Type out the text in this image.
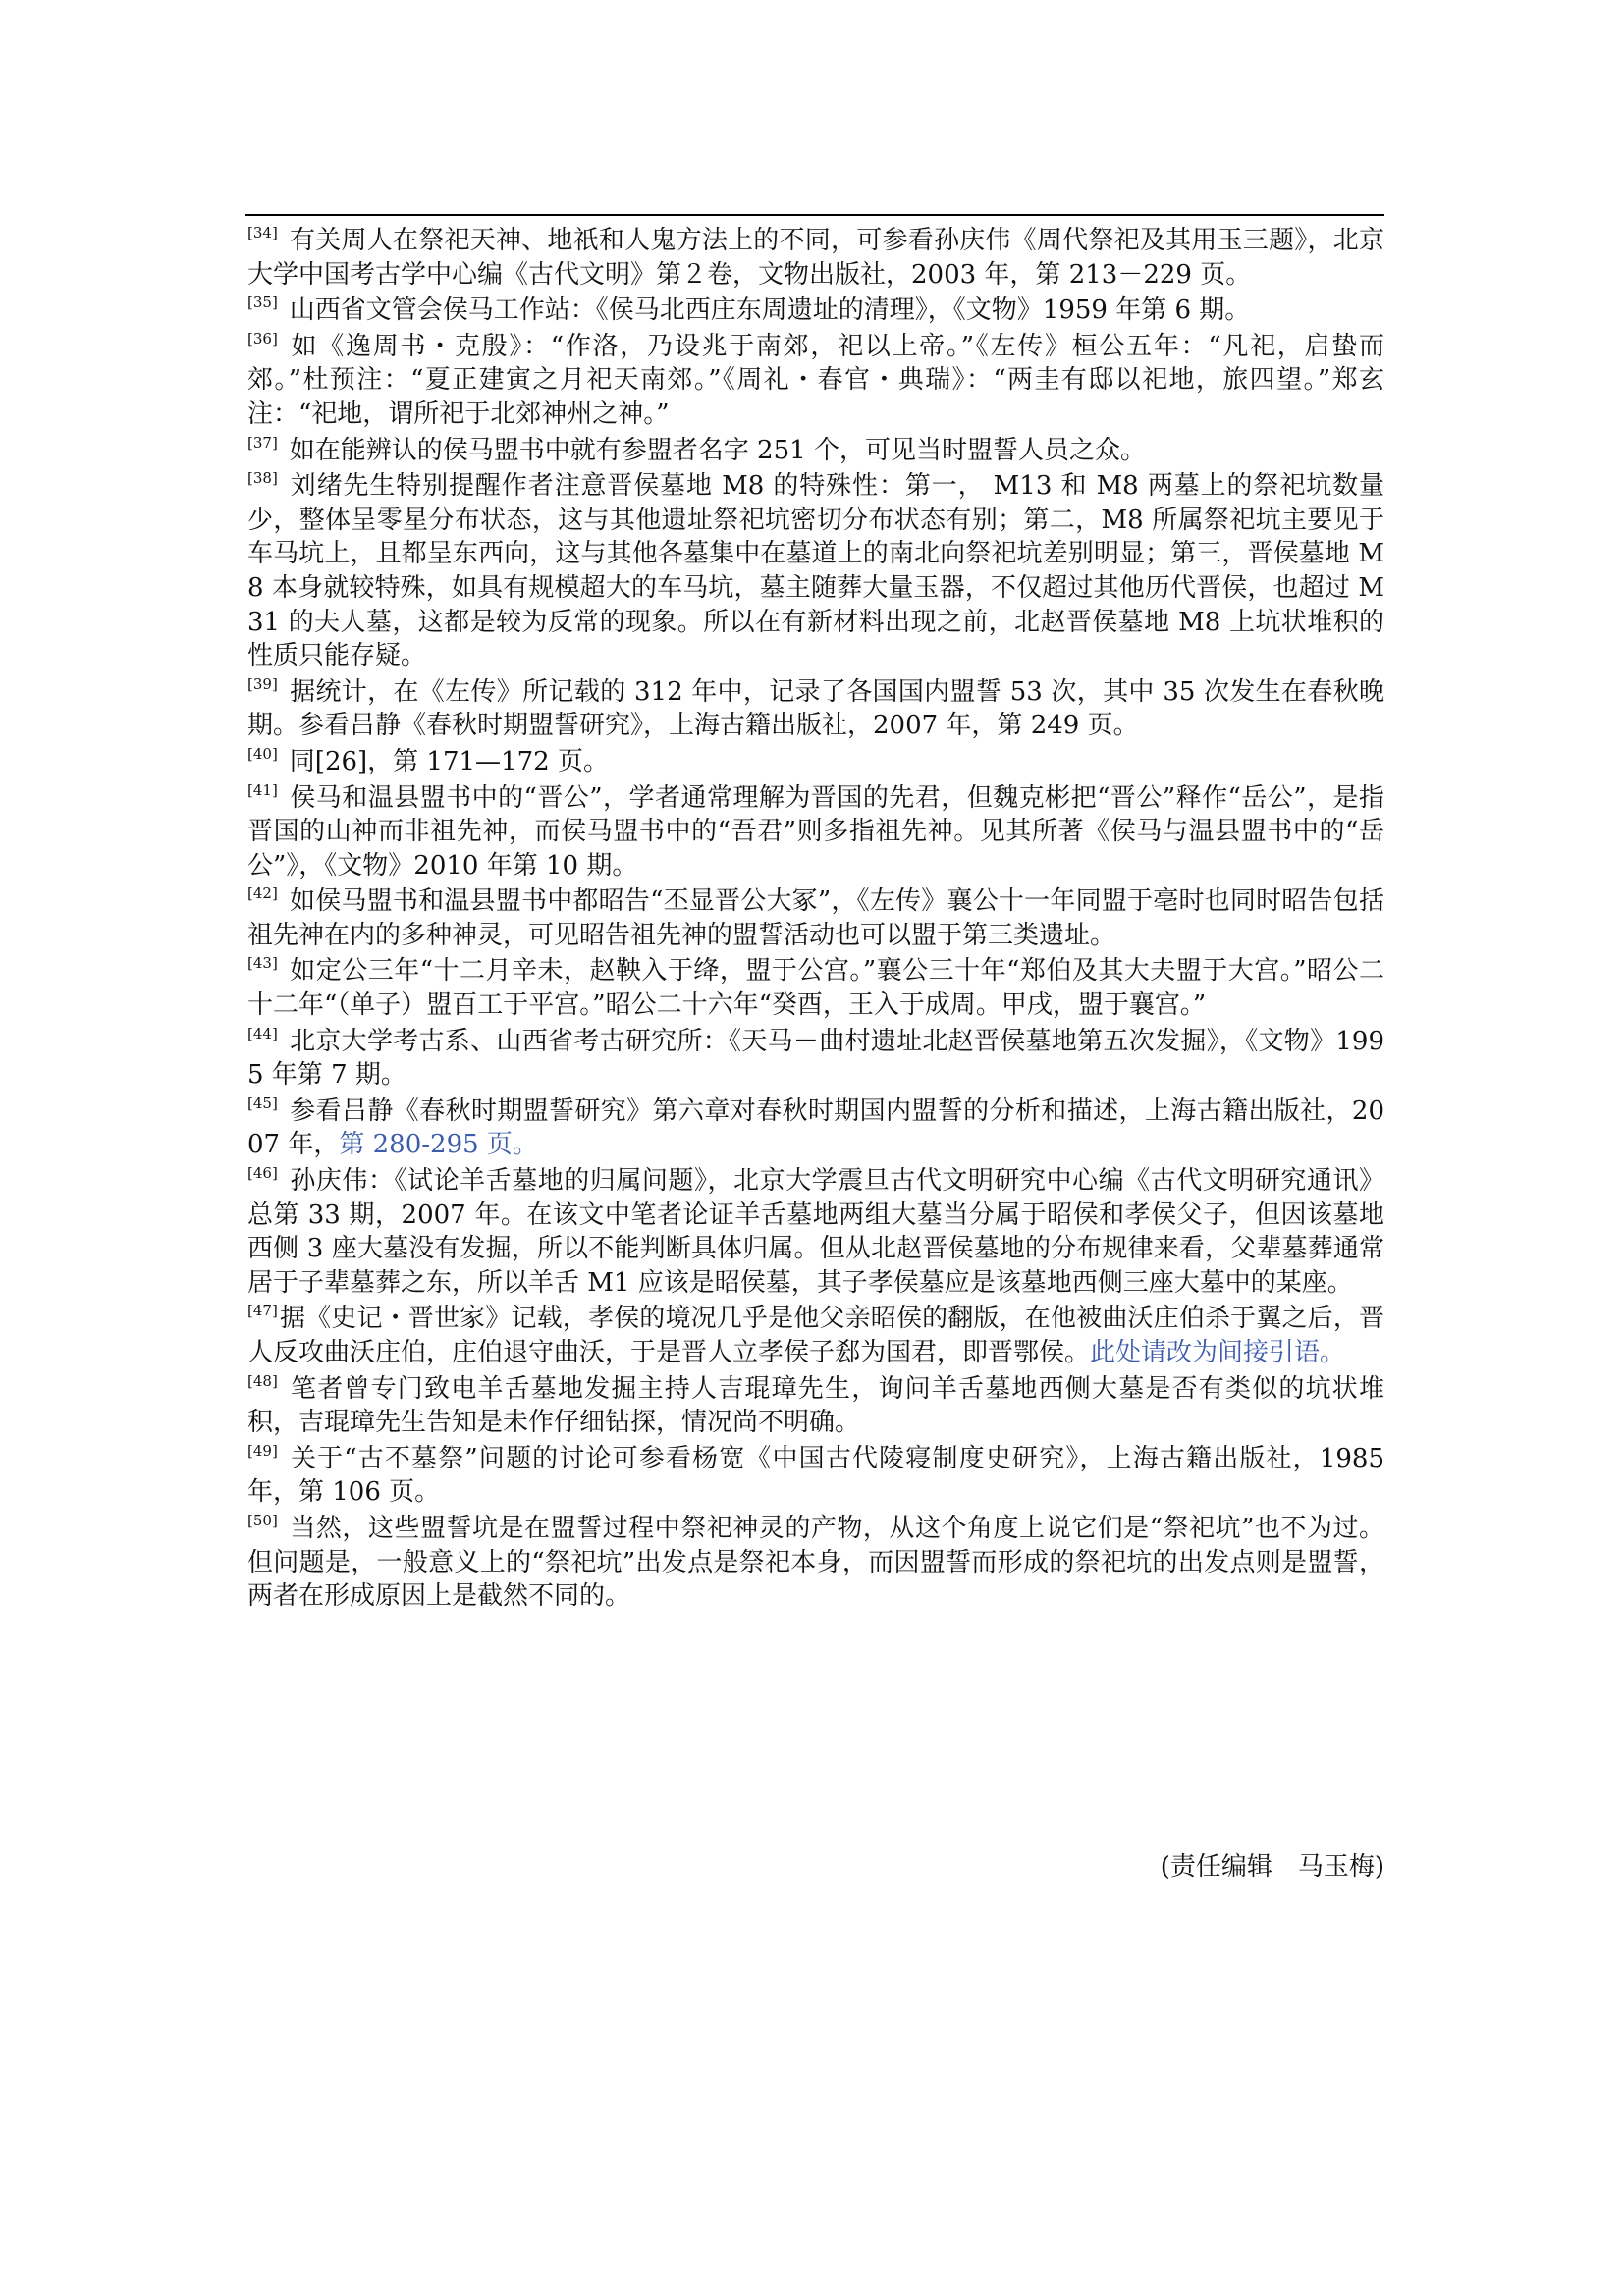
[34] 有关周人在祭祀天神、地祇和人鬼方法上的不同，可参看孙庆伟《周代祭祀及其用玉三题》，北京大学中国考古学中心编《古代文明》第２卷，文物出版社，2003 年，第 213－229 页。

[35] 山西省文管会侯马工作站：《侯马北西庄东周遗址的清理》，《文物》1959 年第 6 期。

[36] 如《逸周书・克殷》：“作洛，乃设兆于南郊，祀以上帝。”《左传》桓公五年：“凡祀，启蛰而郊。”杜预注：“夏正建寅之月祀天南郊。”《周礼・春官・典瑞》：“两圭有邸以祀地，旅四望。”郑玄注：“祀地，谓所祀于北郊神州之神。”

[37] 如在能辨认的侯马盟书中就有参盟者名字 251 个，可见当时盟誓人员之众。

[38] 刘绪先生特别提醒作者注意晋侯墓地 M8 的特殊性：第一， M13 和 M8 两墓上的祭祀坑数量少，整体呈零星分布状态，这与其他遗址祭祀坑密切分布状态有别；第二，M8 所属祭祀坑主要见于车马坑上，且都呈东西向，这与其他各墓集中在墓道上的南北向祭祀坑差别明显；第三，晋侯墓地 M8 本身就较特殊，如具有规模超大的车马坑，墓主随葬大量玉器，不仅超过其他历代晋侯，也超过 M31 的夫人墓，这都是较为反常的现象。所以在有新材料出现之前，北赵晋侯墓地 M8 上坑状堆积的性质只能存疑。

[39] 据统计，在《左传》所记载的 312 年中，记录了各国国内盟誓 53 次，其中 35 次发生在春秋晚期。参看吕静《春秋时期盟誓研究》，上海古籍出版社，2007 年，第 249 页。

[40] 同[26]，第 171—172 页。

[41] 侯马和温县盟书中的“晋公”，学者通常理解为晋国的先君，但魏克彬把“晋公”释作“岳公”，是指晋国的山神而非祖先神，而侯马盟书中的“吾君”则多指祖先神。见其所著《侯马与温县盟书中的“岳公”》，《文物》2010 年第 10 期。

[42] 如侯马盟书和温县盟书中都昭告“丕显晋公大冢”，《左传》襄公十一年同盟于亳时也同时昭告包括祖先神在内的多种神灵，可见昭告祖先神的盟誓活动也可以盟于第三类遗址。

[43] 如定公三年“十二月辛未，赵鞅入于绛，盟于公宫。”襄公三十年“郑伯及其大夫盟于大宫。”昭公二十二年“（单子）盟百工于平宫。”昭公二十六年“癸酉，王入于成周。甲戌，盟于襄宫。”

[44] 北京大学考古系、山西省考古研究所：《天马－曲村遗址北赵晋侯墓地第五次发掘》，《文物》1995 年第 7 期。

[45] 参看吕静《春秋时期盟誓研究》第六章对春秋时期国内盟誓的分析和描述，上海古籍出版社，2007 年，第 280-295 页。

[46] 孙庆伟：《试论羊舌墓地的归属问题》，北京大学震旦古代文明研究中心编《古代文明研究通讯》总第 33 期，2007 年。在该文中笔者论证羊舌墓地两组大墓当分属于昭侯和孝侯父子，但因该墓地西侧 3 座大墓没有发掘，所以不能判断具体归属。但从北赵晋侯墓地的分布规律来看，父辈墓葬通常居于子辈墓葬之东，所以羊舌 M1 应该是昭侯墓，其子孝侯墓应是该墓地西侧三座大墓中的某座。

[47]据《史记・晋世家》记载，孝侯的境况几乎是他父亲昭侯的翻版，在他被曲沃庄伯杀于翼之后，晋人反攻曲沃庄伯，庄伯退守曲沃，于是晋人立孝侯子郄为国君，即晋鄂侯。此处请改为间接引语。

[48] 笔者曾专门致电羊舌墓地发掘主持人吉琨璋先生，询问羊舌墓地西侧大墓是否有类似的坑状堆积，吉琨璋先生告知是未作仔细钻探，情况尚不明确。

[49] 关于“古不墓祭”问题的讨论可参看杨宽《中国古代陵寝制度史研究》，上海古籍出版社，1985 年，第 106 页。

[50] 当然，这些盟誓坑是在盟誓过程中祭祀神灵的产物，从这个角度上说它们是“祭祀坑”也不为过。但问题是，一般意义上的“祭祀坑”出发点是祭祀本身，而因盟誓而形成的祭祀坑的出发点则是盟誓，两者在形成原因上是截然不同的。

(责任编辑　马玉梅)
